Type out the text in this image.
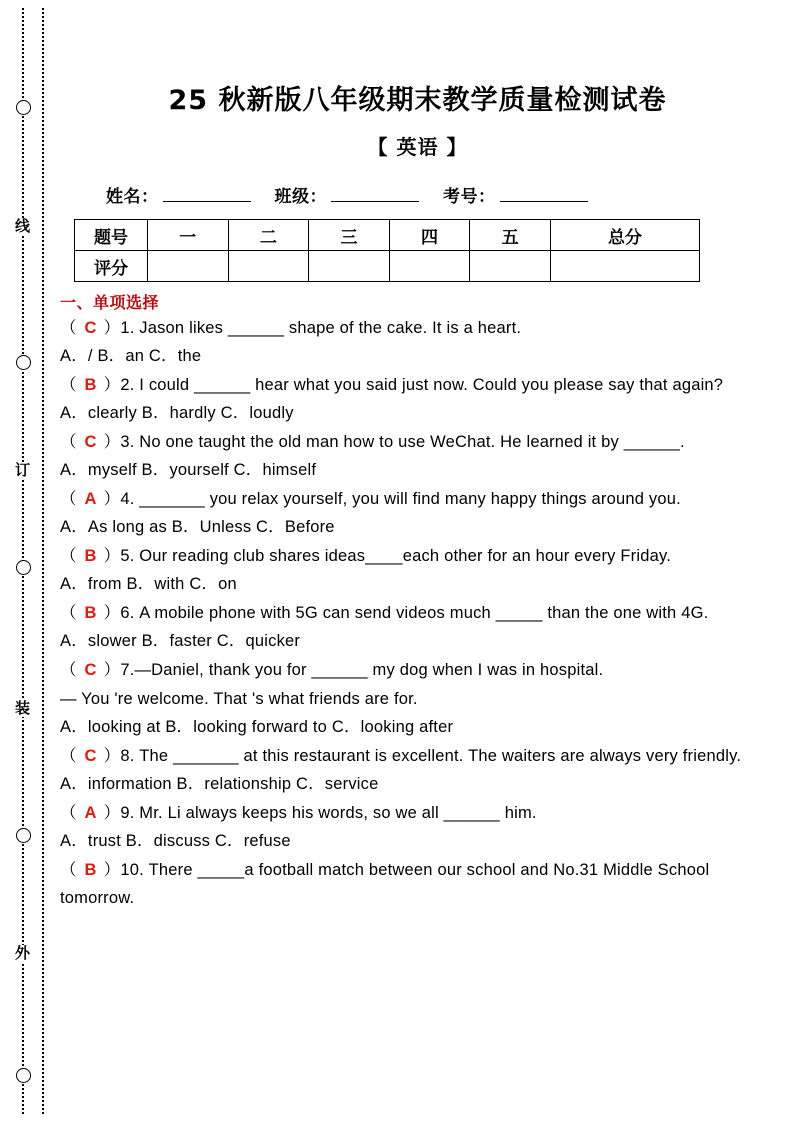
线
订
装
外
25 秋新版八年级期末教学质量检测试卷
【 英语 】
姓名：	班级：	考号：
题号	一	二	三	四	五	总分
评分						
一、单项选择
（ C ）1. Jason likes ______ shape of the cake. It is a heart.
A．/ B．an C．the
（ B ）2. I could ______ hear what you said just now. Could you please say that again?
A．clearly B．hardly C．loudly
（ C ）3. No one taught the old man how to use WeChat. He learned it by ______.
A．myself B．yourself C．himself
（ A ）4. _______ you relax yourself, you will find many happy things around you.
A．As long as B．Unless C．Before
（ B ）5. Our reading club shares ideas____each other for an hour every Friday.
A．from B．with C．on
（ B ）6. A mobile phone with 5G can send videos much _____ than the one with 4G.
A．slower B．faster C．quicker
（ C ）7.—Daniel, thank you for ______ my dog when I was in hospital.
— You 're welcome. That 's what friends are for.
A．looking at B．looking forward to C．looking after
（ C ）8. The _______ at this restaurant is excellent. The waiters are always very friendly.
A．information B．relationship C．service
（ A ）9. Mr. Li always keeps his words, so we all ______ him.
A．trust B．discuss C．refuse
（ B ）10. There _____a football match between our school and No.31 Middle School tomorrow.
